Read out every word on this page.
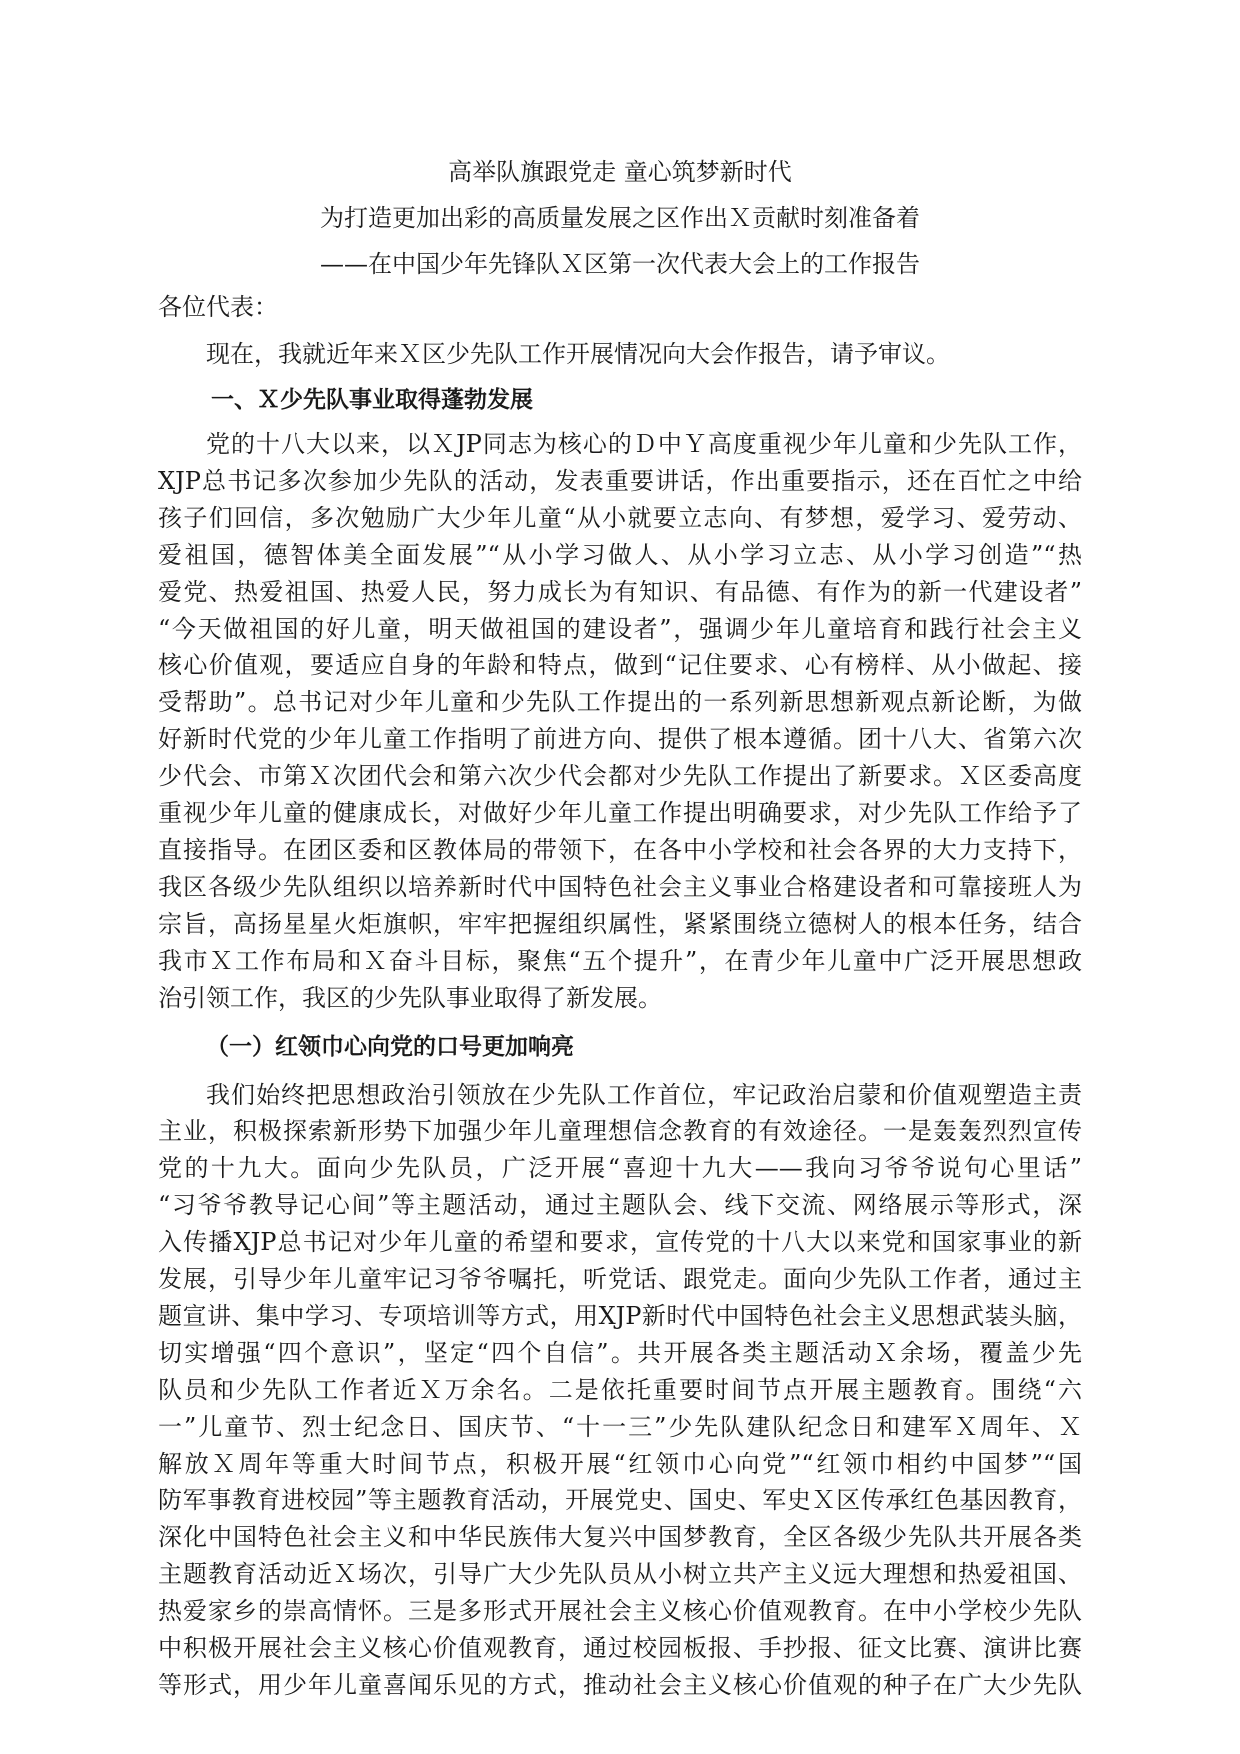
高举队旗跟党走 童心筑梦新时代
为打造更加出彩的高质量发展之区作出Ｘ贡献时刻准备着
——在中国少年先锋队Ｘ区第一次代表大会上的工作报告
各位代表：
现在，我就近年来Ｘ区少先队工作开展情况向大会作报告，请予审议。
一、Ｘ少先队事业取得蓬勃发展
党的十八大以来，以ＸJP同志为核心的Ｄ中Ｙ高度重视少年儿童和少先队工作，
XJP总书记多次参加少先队的活动，发表重要讲话，作出重要指示，还在百忙之中给
孩子们回信，多次勉励广大少年儿童“从小就要立志向、有梦想，爱学习、爱劳动、
爱祖国，德智体美全面发展”“从小学习做人、从小学习立志、从小学习创造”“热
爱党、热爱祖国、热爱人民，努力成长为有知识、有品德、有作为的新一代建设者”
“今天做祖国的好儿童，明天做祖国的建设者”，强调少年儿童培育和践行社会主义
核心价值观，要适应自身的年龄和特点，做到“记住要求、心有榜样、从小做起、接
受帮助”。总书记对少年儿童和少先队工作提出的一系列新思想新观点新论断，为做
好新时代党的少年儿童工作指明了前进方向、提供了根本遵循。团十八大、省第六次
少代会、市第Ｘ次团代会和第六次少代会都对少先队工作提出了新要求。Ｘ区委高度
重视少年儿童的健康成长，对做好少年儿童工作提出明确要求，对少先队工作给予了
直接指导。在团区委和区教体局的带领下，在各中小学校和社会各界的大力支持下，
我区各级少先队组织以培养新时代中国特色社会主义事业合格建设者和可靠接班人为
宗旨，高扬星星火炬旗帜，牢牢把握组织属性，紧紧围绕立德树人的根本任务，结合
我市Ｘ工作布局和Ｘ奋斗目标，聚焦“五个提升”，在青少年儿童中广泛开展思想政
治引领工作，我区的少先队事业取得了新发展。
（一）红领巾心向党的口号更加响亮
我们始终把思想政治引领放在少先队工作首位，牢记政治启蒙和价值观塑造主责
主业，积极探索新形势下加强少年儿童理想信念教育的有效途径。一是轰轰烈烈宣传
党的十九大。面向少先队员，广泛开展“喜迎十九大——我向习爷爷说句心里话”
“习爷爷教导记心间”等主题活动，通过主题队会、线下交流、网络展示等形式，深
入传播XJP总书记对少年儿童的希望和要求，宣传党的十八大以来党和国家事业的新
发展，引导少年儿童牢记习爷爷嘱托，听党话、跟党走。面向少先队工作者，通过主
题宣讲、集中学习、专项培训等方式，用XJP新时代中国特色社会主义思想武装头脑，
切实增强“四个意识”，坚定“四个自信”。共开展各类主题活动Ｘ余场，覆盖少先
队员和少先队工作者近Ｘ万余名。二是依托重要时间节点开展主题教育。围绕“六
一”儿童节、烈士纪念日、国庆节、“十一三”少先队建队纪念日和建军Ｘ周年、Ｘ
解放Ｘ周年等重大时间节点，积极开展“红领巾心向党”“红领巾相约中国梦”“国
防军事教育进校园”等主题教育活动，开展党史、国史、军史Ｘ区传承红色基因教育，
深化中国特色社会主义和中华民族伟大复兴中国梦教育，全区各级少先队共开展各类
主题教育活动近Ｘ场次，引导广大少先队员从小树立共产主义远大理想和热爱祖国、
热爱家乡的崇高情怀。三是多形式开展社会主义核心价值观教育。在中小学校少先队
中积极开展社会主义核心价值观教育，通过校园板报、手抄报、征文比赛、演讲比赛
等形式，用少年儿童喜闻乐见的方式，推动社会主义核心价值观的种子在广大少先队
